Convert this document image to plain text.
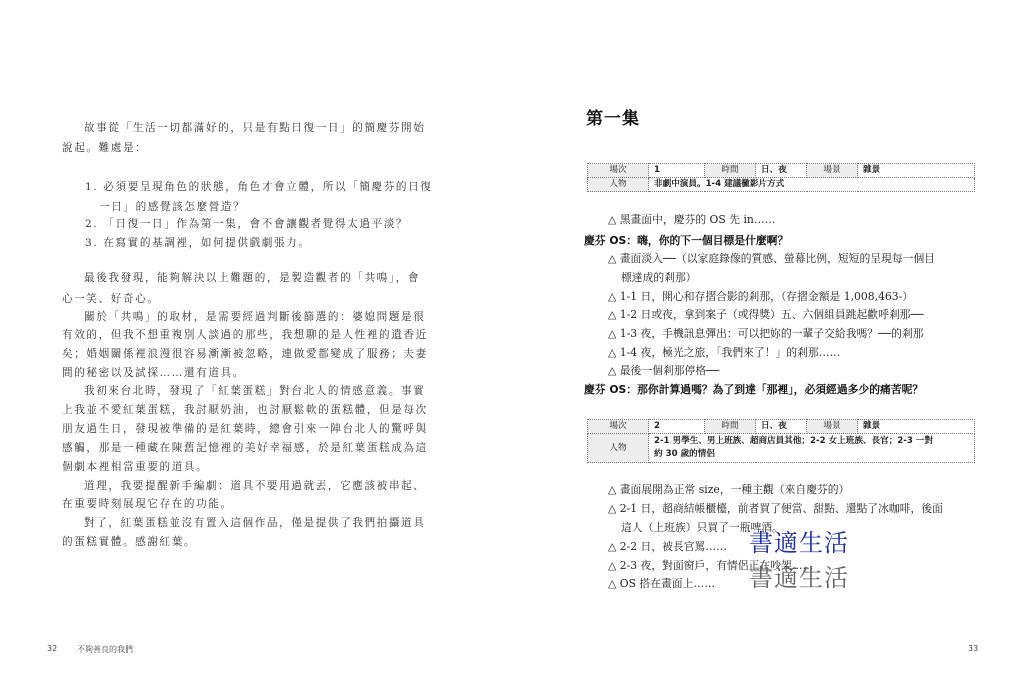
故事從「生活一切都滿好的，只是有點日復一日」的簡慶芬開始
說起。難處是：
1. 必須要呈現角色的狀態，角色才會立體，所以「簡慶芬的日復
一日」的感覺該怎麼營造？
2. 「日復一日」作為第一集，會不會讓觀者覺得太過平淡？
3. 在寫實的基調裡，如何提供戲劇張力。
最後我發現，能夠解決以上難題的，是製造觀者的「共鳴」，會
心一笑、好奇心。
關於「共鳴」的取材，是需要經過判斷後篩選的：婆媳問題是很
有效的，但我不想重複別人談過的那些，我想聊的是人性裡的遺香近
矣；婚姻關係裡浪漫很容易漸漸被忽略，連做愛都變成了服務；夫妻
間的秘密以及試探……還有道具。
我初來台北時，發現了「紅葉蛋糕」對台北人的情感意義。事實
上我並不愛紅葉蛋糕，我討厭奶油，也討厭鬆軟的蛋糕體，但是每次
朋友過生日，發現被準備的是紅葉時，總會引來一陣台北人的驚呼與
感觸，那是一種藏在陳舊記憶裡的美好幸福感，於是紅葉蛋糕成為這
個劇本裡相當重要的道具。
道理，我要提醒新手編劇：道具不要用過就丟，它應該被串起、
在重要時刻展現它存在的功能。
對了，紅葉蛋糕並沒有置入這個作品，僅是提供了我們拍攝道具
的蛋糕實體。感謝紅葉。
32 不夠善良的我們
第一集
場次	1	時間	日、夜	場景	雜景
人物	非劇中演員。1-4 建議黴影片方式				
△ 黑畫面中，慶芬的 OS 先 in……
慶芬 OS：嗨，你的下一個目標是什麼啊？
△ 畫面淡入──（以家庭錄像的質感、螢幕比例，短短的呈現每一個目
標達成的剎那）
△ 1-1 日，開心和存摺合影的剎那，（存摺金額是 1,008,463-）
△ 1-2 日或夜，拿到案子（或得獎）五、六個組員跳起歡呼剎那──
△ 1-3 夜，手機訊息彈出：可以把妳的一輩子交給我嗎？──的剎那
△ 1-4 夜，極光之旅，「我們來了！」的剎那……
△ 最後一個剎那停格──
慶芬 OS：那你計算過嗎？為了到達「那裡」，必須經過多少的痛苦呢？
場次	2	時間	日、夜	場景	雜景
人物	2-1 男學生、男上班族、超商店員其他；2-2 女上班族、長官；2-3 一對
約 30 歲的情侶				
△ 畫面展開為正常 size，一種主觀（來自慶芬的）
△ 2-1 日，超商結帳櫃檯，前者買了便當、甜點、還點了冰咖啡，後面
這人（上班族）只買了一瓶啤酒。
△ 2-2 日，被長官罵……
△ 2-3 夜，對面窗戶，有情侶正在吵架……
△ OS 搭在畫面上…… 書適生活
書適生活
33
